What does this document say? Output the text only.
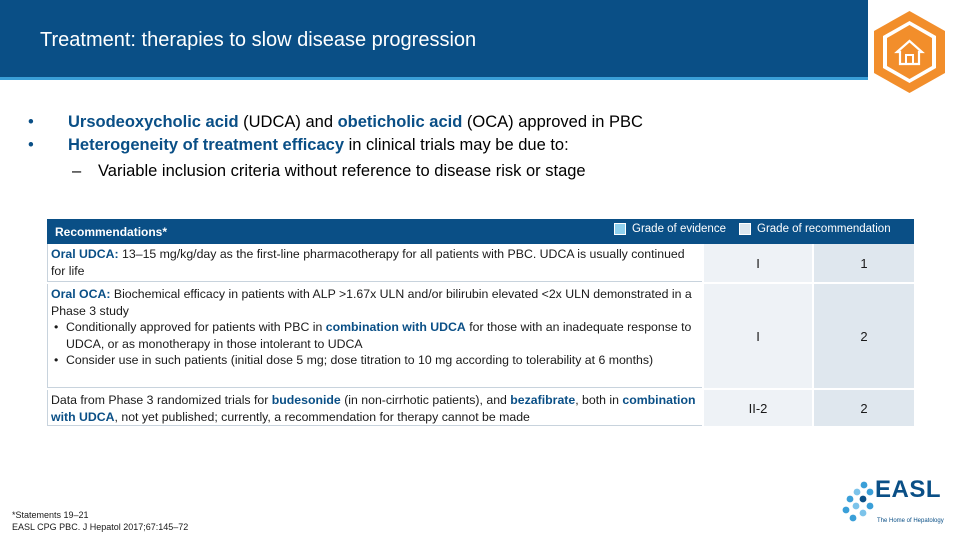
Treatment: therapies to slow disease progression
• Ursodeoxycholic acid (UDCA) and obeticholic acid (OCA) approved in PBC
• Heterogeneity of treatment efficacy in clinical trials may be due to:
– Variable inclusion criteria without reference to disease risk or stage
Recommendations*	Grade of evidence	Grade of recommendation
Oral UDCA: 13–15 mg/kg/day as the first-line pharmacotherapy for all patients with PBC. UDCA is usually continued for life	I	1
Oral OCA: Biochemical efficacy in patients with ALP >1.67x ULN and/or bilirubin elevated <2x ULN demonstrated in a Phase 3 study
• Conditionally approved for patients with PBC in combination with UDCA for those with an inadequate response to UDCA, or as monotherapy in those intolerant to UDCA
• Consider use in such patients (initial dose 5 mg; dose titration to 10 mg according to tolerability at 6 months)
I	2
Data from Phase 3 randomized trials for budesonide (in non-cirrhotic patients), and bezafibrate, both in combination with UDCA, not yet published; currently, a recommendation for therapy cannot be made
II-2	2
*Statements 19–21
EASL CPG PBC. J Hepatol 2017;67:145–72
EASL
The Home of Hepatology
